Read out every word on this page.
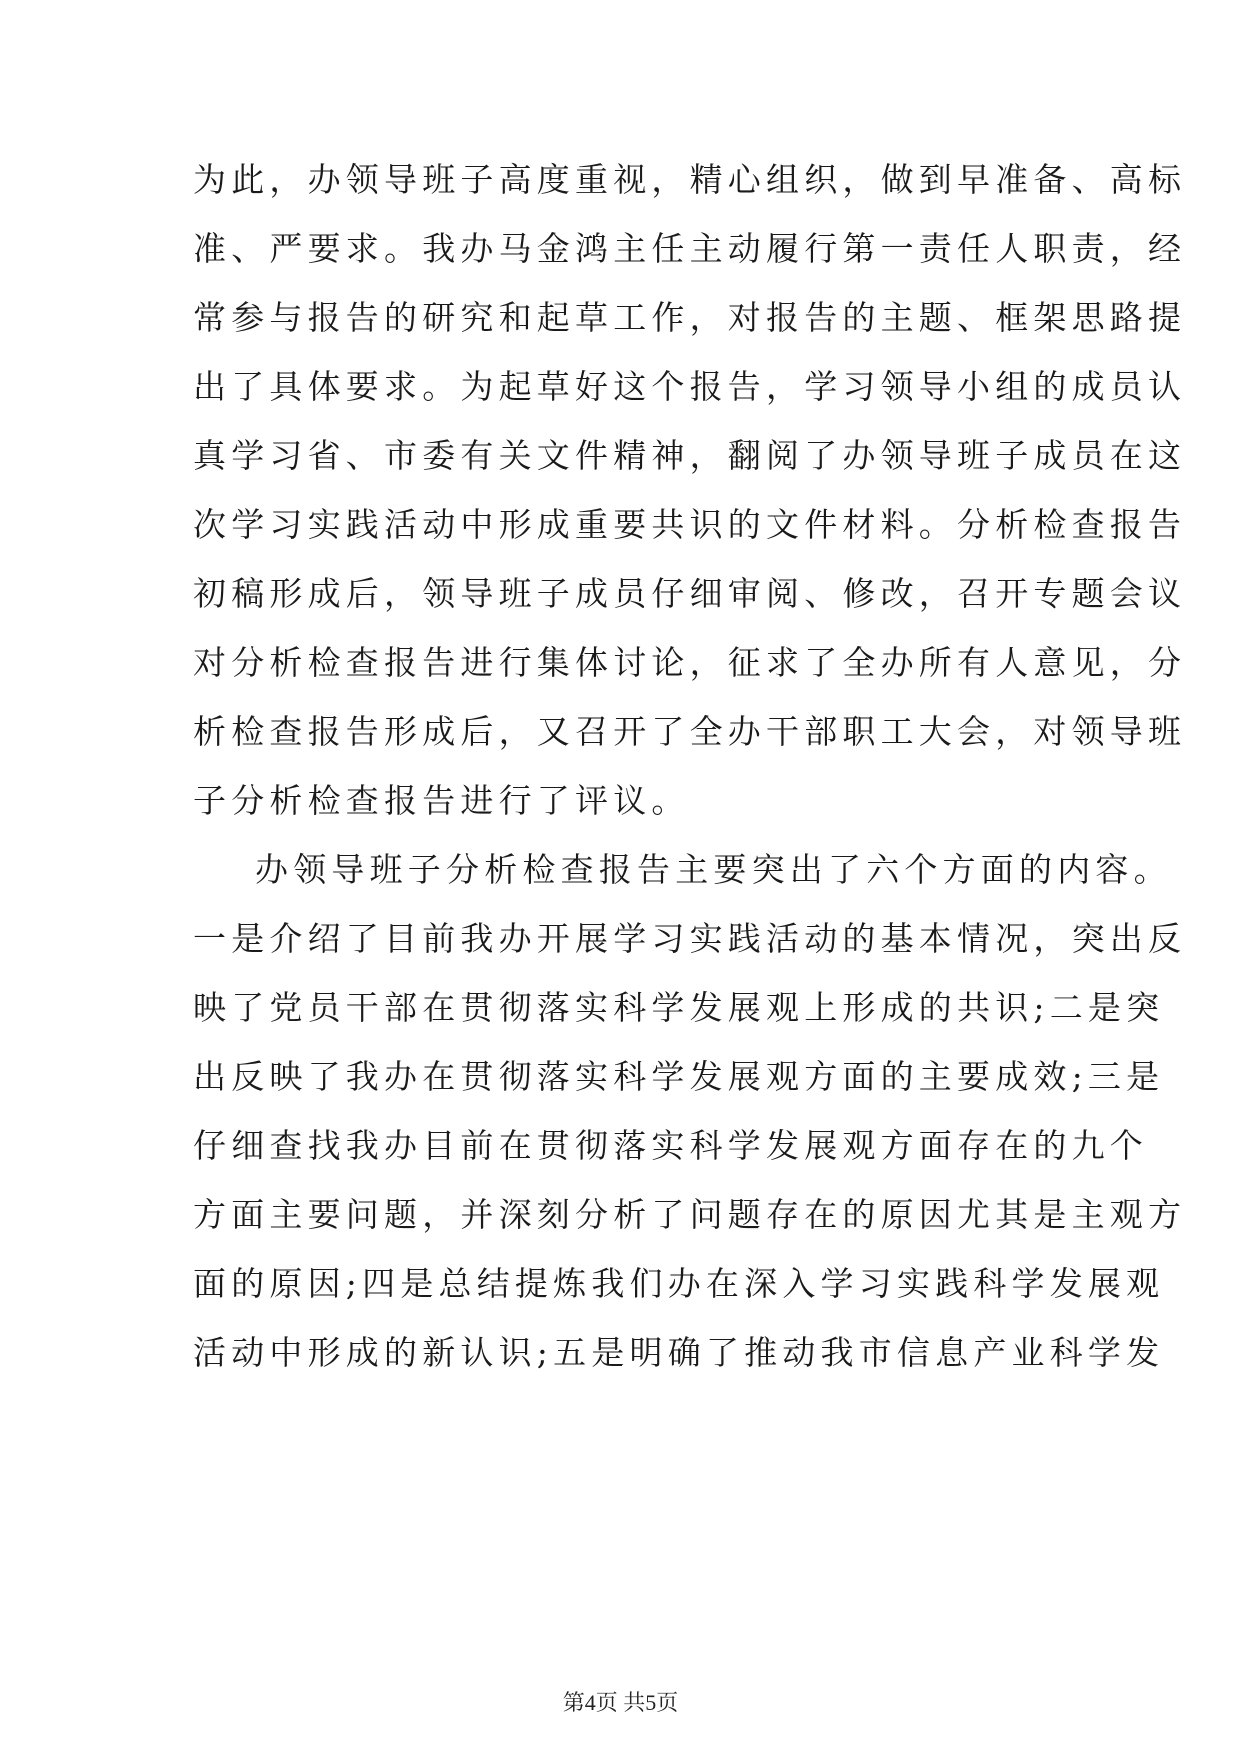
为此，办领导班子高度重视，精心组织，做到早准备、高标
准、严要求。我办马金鸿主任主动履行第一责任人职责，经
常参与报告的研究和起草工作，对报告的主题、框架思路提
出了具体要求。为起草好这个报告，学习领导小组的成员认
真学习省、市委有关文件精神，翻阅了办领导班子成员在这
次学习实践活动中形成重要共识的文件材料。分析检查报告
初稿形成后，领导班子成员仔细审阅、修改，召开专题会议
对分析检查报告进行集体讨论，征求了全办所有人意见，分
析检查报告形成后，又召开了全办干部职工大会，对领导班
子分析检查报告进行了评议。
办领导班子分析检查报告主要突出了六个方面的内容。
一是介绍了目前我办开展学习实践活动的基本情况，突出反
映了党员干部在贯彻落实科学发展观上形成的共识;二是突
出反映了我办在贯彻落实科学发展观方面的主要成效;三是
仔细查找我办目前在贯彻落实科学发展观方面存在的九个
方面主要问题，并深刻分析了问题存在的原因尤其是主观方
面的原因;四是总结提炼我们办在深入学习实践科学发展观
活动中形成的新认识;五是明确了推动我市信息产业科学发
第4页 共5页
